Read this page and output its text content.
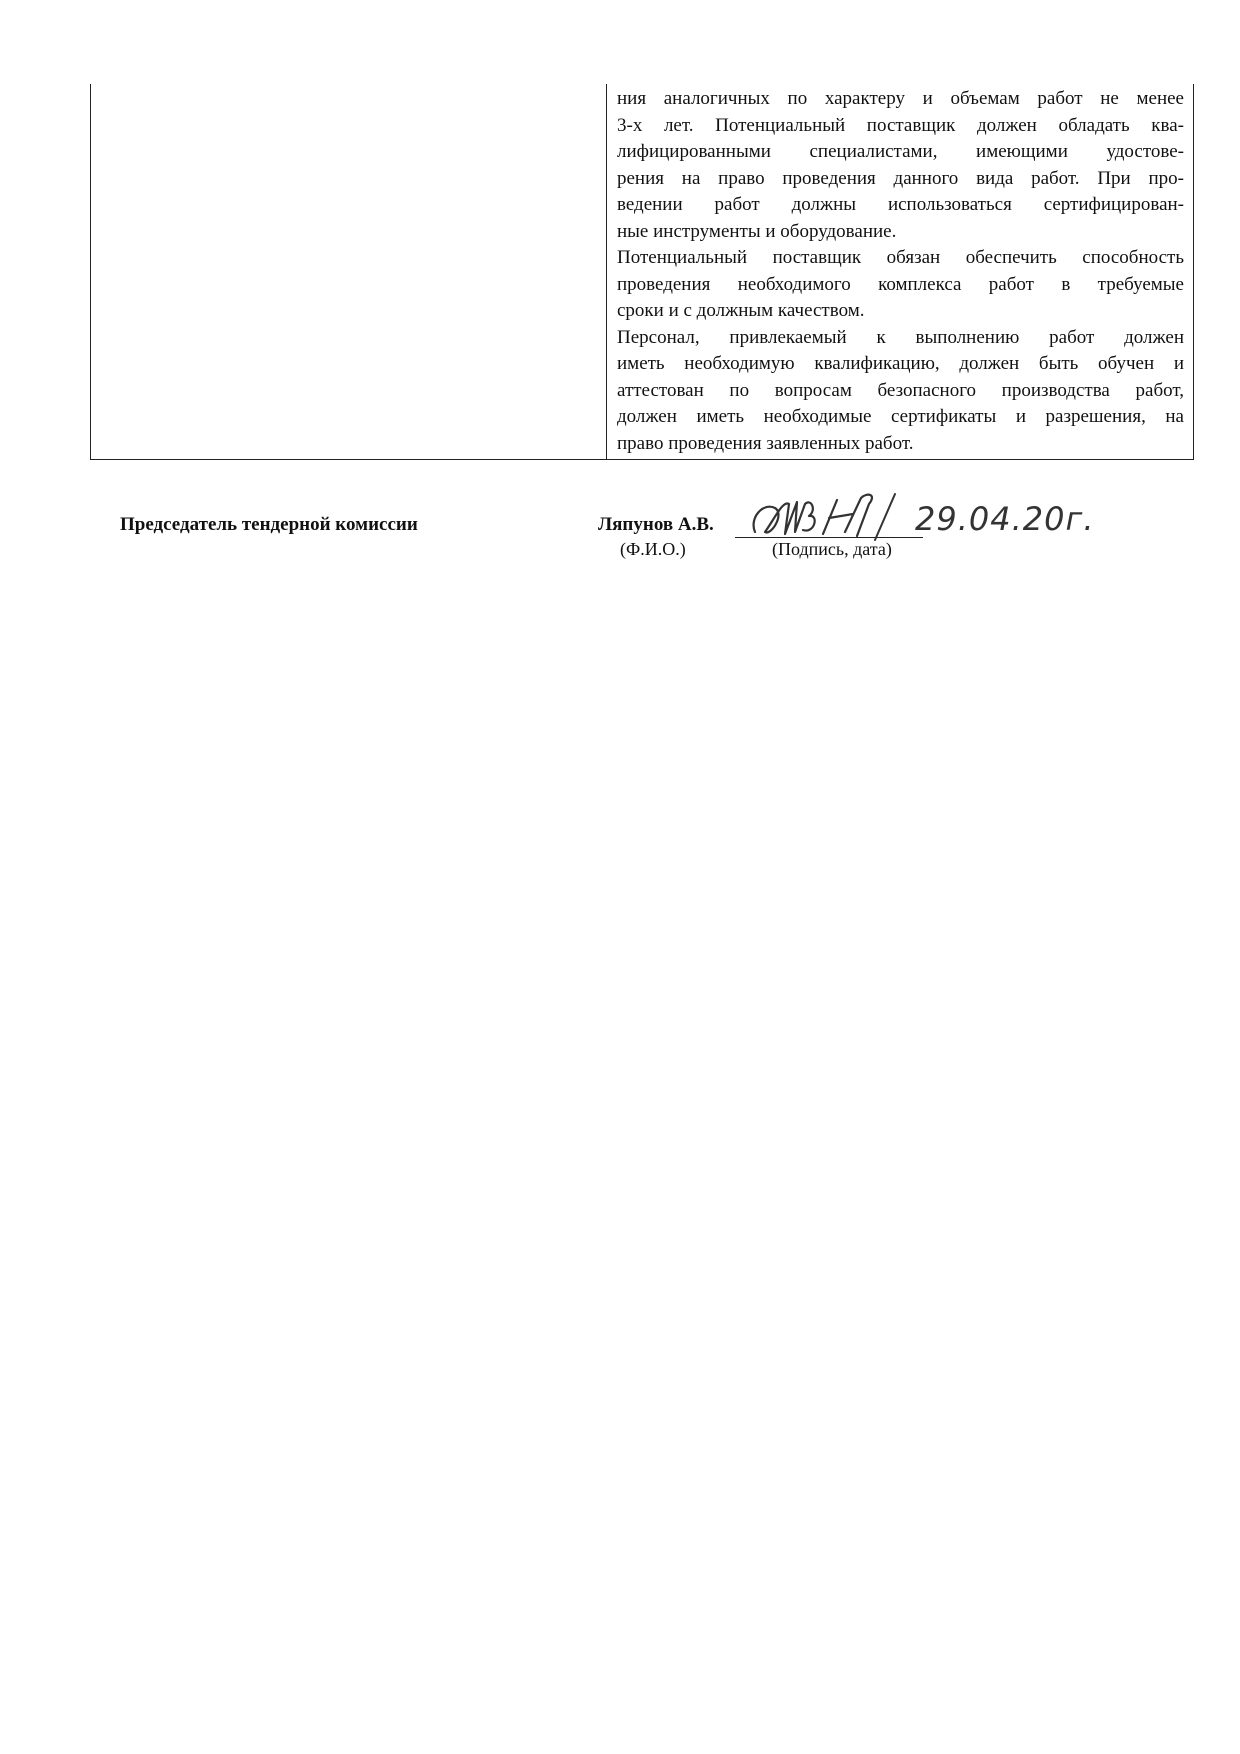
ния аналогичных по характеру и объемам работ не менее

3-х лет. Потенциальный поставщик должен обладать ква-

лифицированными специалистами, имеющими удостове-

рения на право проведения данного вида работ. При про-

ведении работ должны использоваться сертифицирован-

ные инструменты и оборудование.

Потенциальный поставщик обязан обеспечить способность

проведения необходимого комплекса работ в требуемые

сроки и с должным качеством.

Персонал, привлекаемый к выполнению работ должен

иметь необходимую квалификацию, должен быть обучен и

аттестован по вопросам безопасного производства работ,

должен иметь необходимые сертификаты и разрешения, на

право проведения заявленных работ.

Председатель тендерной комиссии	Ляпунов А.В.	29.04.20г.
(Ф.И.О.)	(Подпись, дата)
